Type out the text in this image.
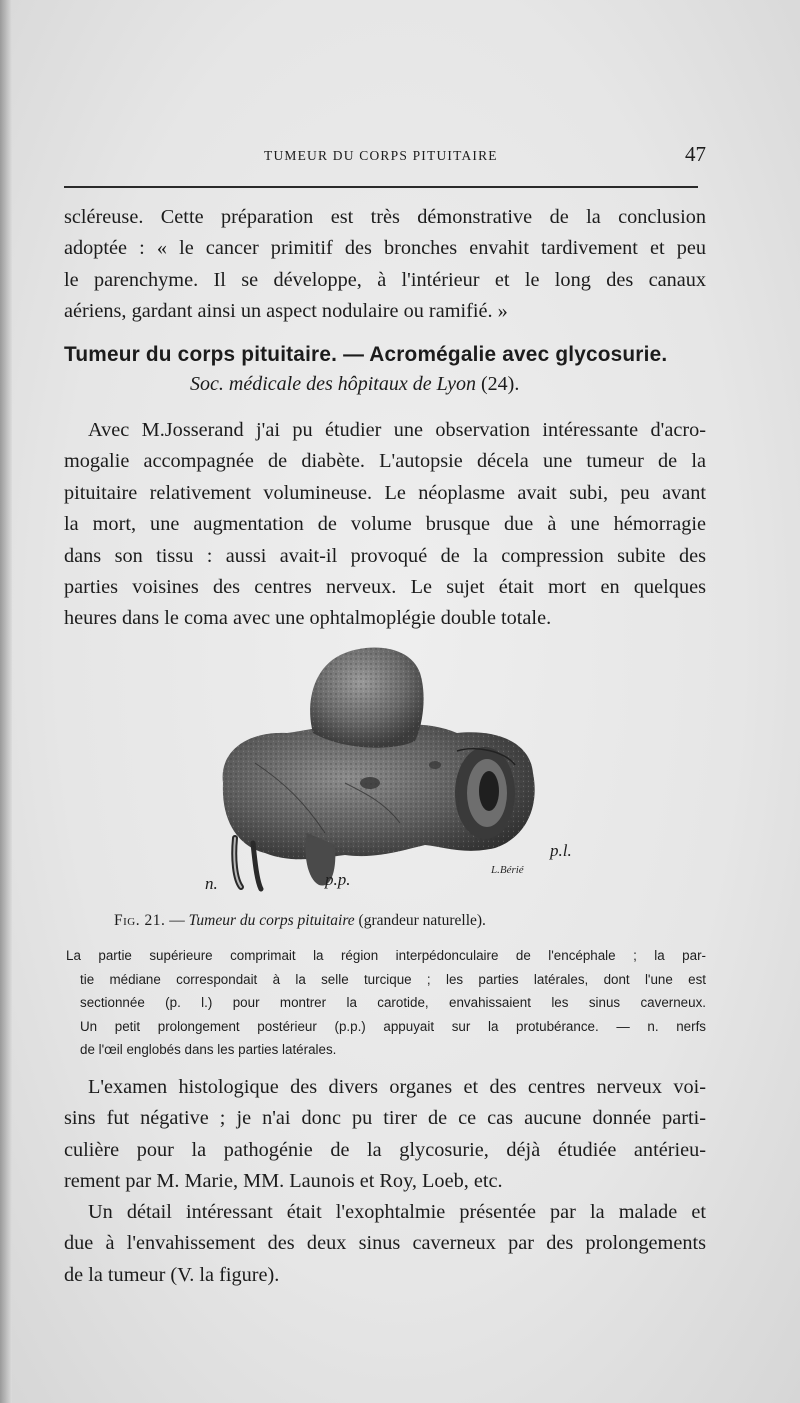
TUMEUR DU CORPS PITUITAIRE	47
scléreuse. Cette préparation est très démonstrative de la conclusion
adoptée : « le cancer primitif des bronches envahit tardivement et peu
le parenchyme. Il se développe, à l'intérieur et le long des canaux
aériens, gardant ainsi un aspect nodulaire ou ramifié. »
Tumeur du corps pituitaire. — Acromégalie avec glycosurie.
Soc. médicale des hôpitaux de Lyon (24).
Avec M.Josserand j'ai pu étudier une observation intéressante d'acro-
mogalie accompagnée de diabète. L'autopsie décela une tumeur de la
pituitaire relativement volumineuse. Le néoplasme avait subi, peu avant
la mort, une augmentation de volume brusque due à une hémorragie
dans son tissu : aussi avait-il provoqué de la compression subite des
parties voisines des centres nerveux. Le sujet était mort en quelques
heures dans le coma avec une ophtalmoplégie double totale.
n.	p.p.
p.l.
L.Bérié
Fig. 21. — Tumeur du corps pituitaire (grandeur naturelle).
La partie supérieure comprimait la région interpédonculaire de l'encéphale ; la par-
tie médiane correspondait à la selle turcique ; les parties latérales, dont l'une est
sectionnée (p. l.) pour montrer la carotide, envahissaient les sinus caverneux.
Un petit prolongement postérieur (p.p.) appuyait sur la protubérance. — n. nerfs
de l'œil englobés dans les parties latérales.
L'examen histologique des divers organes et des centres nerveux voi-
sins fut négative ; je n'ai donc pu tirer de ce cas aucune donnée parti-
culière pour la pathogénie de la glycosurie, déjà étudiée antérieu-
rement par M. Marie, MM. Launois et Roy, Loeb, etc.
Un détail intéressant était l'exophtalmie présentée par la malade et
due à l'envahissement des deux sinus caverneux par des prolongements
de la tumeur (V. la figure).
